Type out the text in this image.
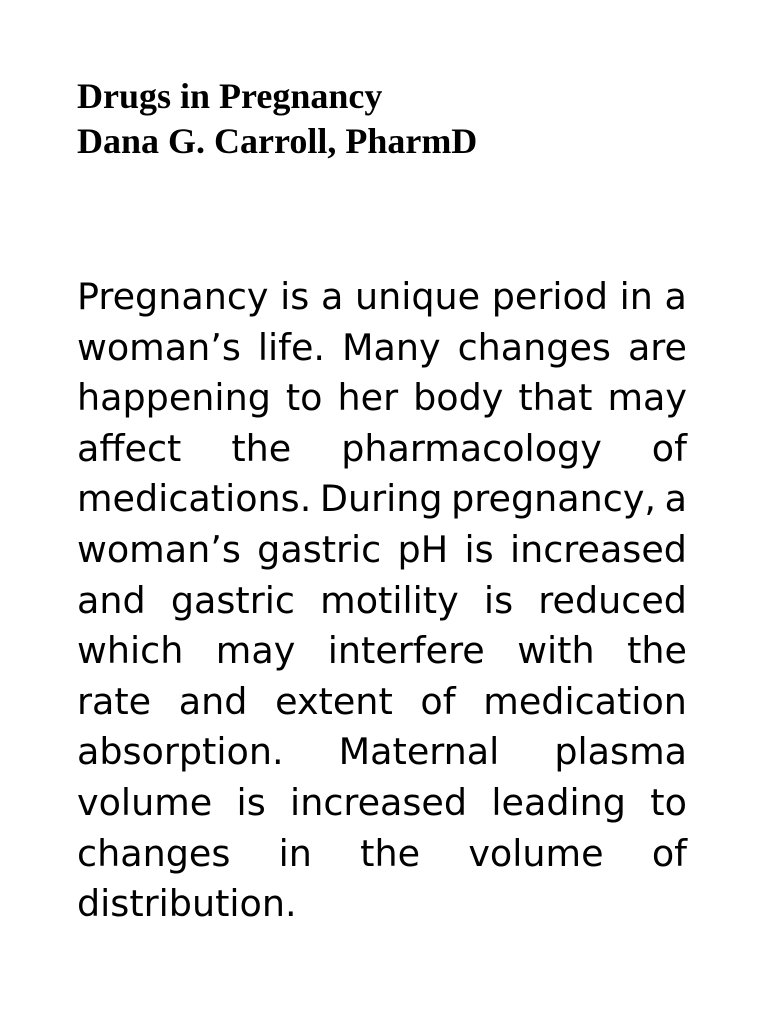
Drugs in Pregnancy
Dana G. Carroll, PharmD
Pregnancy is a unique period in a
woman’s life. Many changes are
happening to her body that may
affect the pharmacology of
medications. During pregnancy, a
woman’s gastric pH is increased
and gastric motility is reduced
which may interfere with the
rate and extent of medication
absorption. Maternal plasma
volume is increased leading to
changes in the volume of
distribution.
